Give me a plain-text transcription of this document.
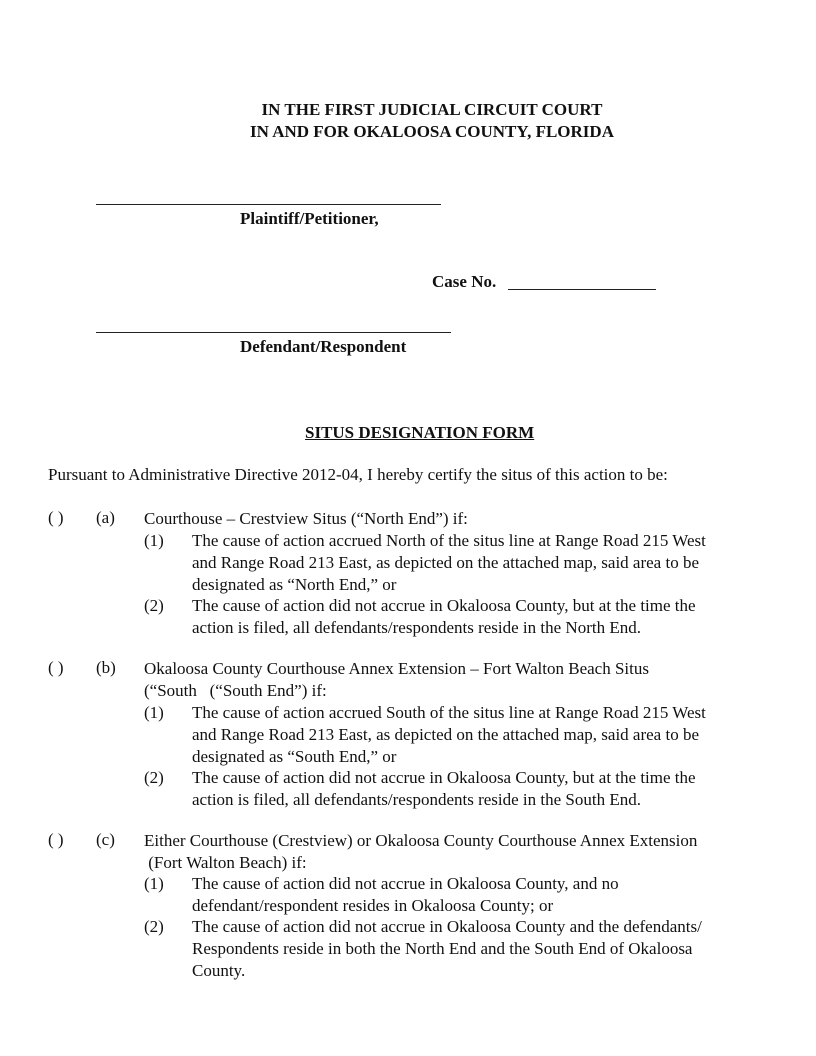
IN THE FIRST JUDICIAL CIRCUIT COURT
IN AND FOR OKALOOSA COUNTY, FLORIDA
Plaintiff/Petitioner,
Case No.
Defendant/Respondent
SITUS DESIGNATION FORM
Pursuant to Administrative Directive 2012-04, I hereby certify the situs of this action to be:
( ) (a) Courthouse – Crestview Situs (“North End”) if:
(1) The cause of action accrued North of the situs line at Range Road 215 West
and Range Road 213 East, as depicted on the attached map, said area to be
designated as “North End,” or
(2) The cause of action did not accrue in Okaloosa County, but at the time the
action is filed, all defendants/respondents reside in the North End.
( ) (b) Okaloosa County Courthouse Annex Extension – Fort Walton Beach Situs
(“South   (“South End”) if:
(1) The cause of action accrued South of the situs line at Range Road 215 West
and Range Road 213 East, as depicted on the attached map, said area to be
designated as “South End,” or
(2) The cause of action did not accrue in Okaloosa County, but at the time the
action is filed, all defendants/respondents reside in the South End.
( ) (c) Either Courthouse (Crestview) or Okaloosa County Courthouse Annex Extension
(Fort Walton Beach) if:
(1) The cause of action did not accrue in Okaloosa County, and no
defendant/respondent resides in Okaloosa County; or
(2) The cause of action did not accrue in Okaloosa County and the defendants/
Respondents reside in both the North End and the South End of Okaloosa
County.
